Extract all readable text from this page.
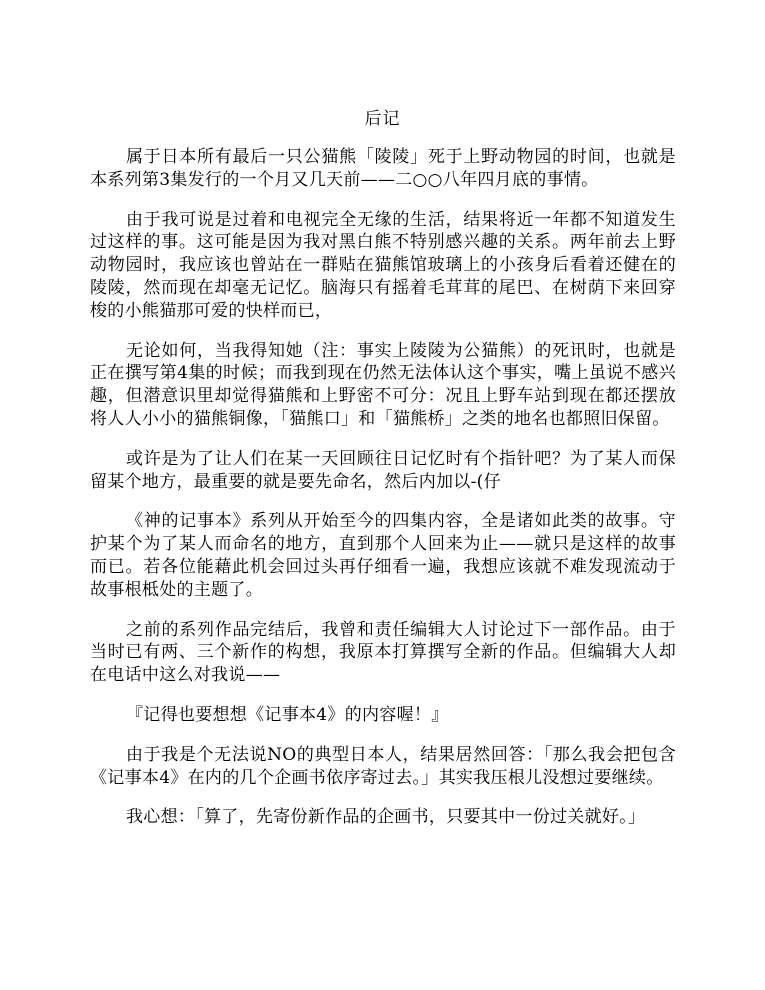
后记

属于日本所有最后一只公猫熊「陵陵」死于上野动物园的时间，也就是本系列第3集发行的一个月又几天前——二○○八年四月底的事情。

由于我可说是过着和电视完全无缘的生活，结果将近一年都不知道发生过这样的事。这可能是因为我对黑白熊不特别感兴趣的关系。两年前去上野动物园时，我应该也曾站在一群贴在猫熊馆玻璃上的小孩身后看着还健在的陵陵，然而现在却毫无记忆。脑海只有摇着毛茸茸的尾巴、在树荫下来回穿梭的小熊猫那可爱的快样而已，

无论如何，当我得知她（注：事实上陵陵为公猫熊）的死讯时，也就是正在撰写第4集的时候；而我到现在仍然无法体认这个事实，嘴上虽说不感兴趣，但潜意识里却觉得猫熊和上野密不可分：况且上野车站到现在都还摆放将人人小小的猫熊铜像，「猫熊口」和「猫熊桥」之类的地名也都照旧保留。

或许是为了让人们在某一天回顾往日记忆时有个指针吧？为了某人而保留某个地方，最重要的就是要先命名，然后内加以-(仔

《神的记事本》系列从开始至今的四集内容，全是诸如此类的故事。守护某个为了某人而命名的地方，直到那个人回来为止——就只是这样的故事而已。若各位能藉此机会回过头再仔细看一遍，我想应该就不难发现流动于故事根柢处的主题了。

之前的系列作品完结后，我曾和责任编辑大人讨论过下一部作品。由于当时已有两、三个新作的构想，我原本打算撰写全新的作品。但编辑大人却在电话中这么对我说——

『记得也要想想《记事本4》的内容喔！』

由于我是个无法说NO的典型日本人，结果居然回答：「那么我会把包含《记事本4》在内的几个企画书依序寄过去。」其实我压根儿没想过要继续。

我心想：「算了，先寄份新作品的企画书，只要其中一份过关就好。」
